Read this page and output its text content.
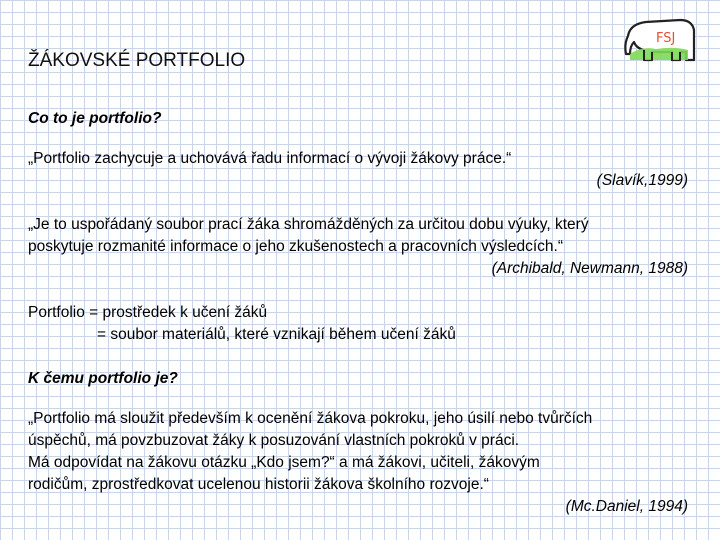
ŽÁKOVSKÉ PORTFOLIO
FSJ

Co to je portfolio?

„Portfolio zachycuje a uchovává řadu informací o vývoji žákovy práce.“

(Slavík,1999)

„Je to uspořádaný soubor prací žáka shromážděných za určitou dobu výuky, který

poskytuje rozmanité informace o jeho zkušenostech a pracovních výsledcích.“

(Archibald, Newmann, 1988)

Portfolio = prostředek k učení žáků

= soubor materiálů, které vznikají během učení žáků

K čemu portfolio je?

„Portfolio má sloužit především k ocenění žákova pokroku, jeho úsilí nebo tvůrčích

úspěchů, má povzbuzovat žáky k posuzování vlastních pokroků v práci.

Má odpovídat na žákovu otázku „Kdo jsem?“ a má žákovi, učiteli, žákovým

rodičům, zprostředkovat ucelenou historii žákova školního rozvoje.“

(Mc.Daniel, 1994)
